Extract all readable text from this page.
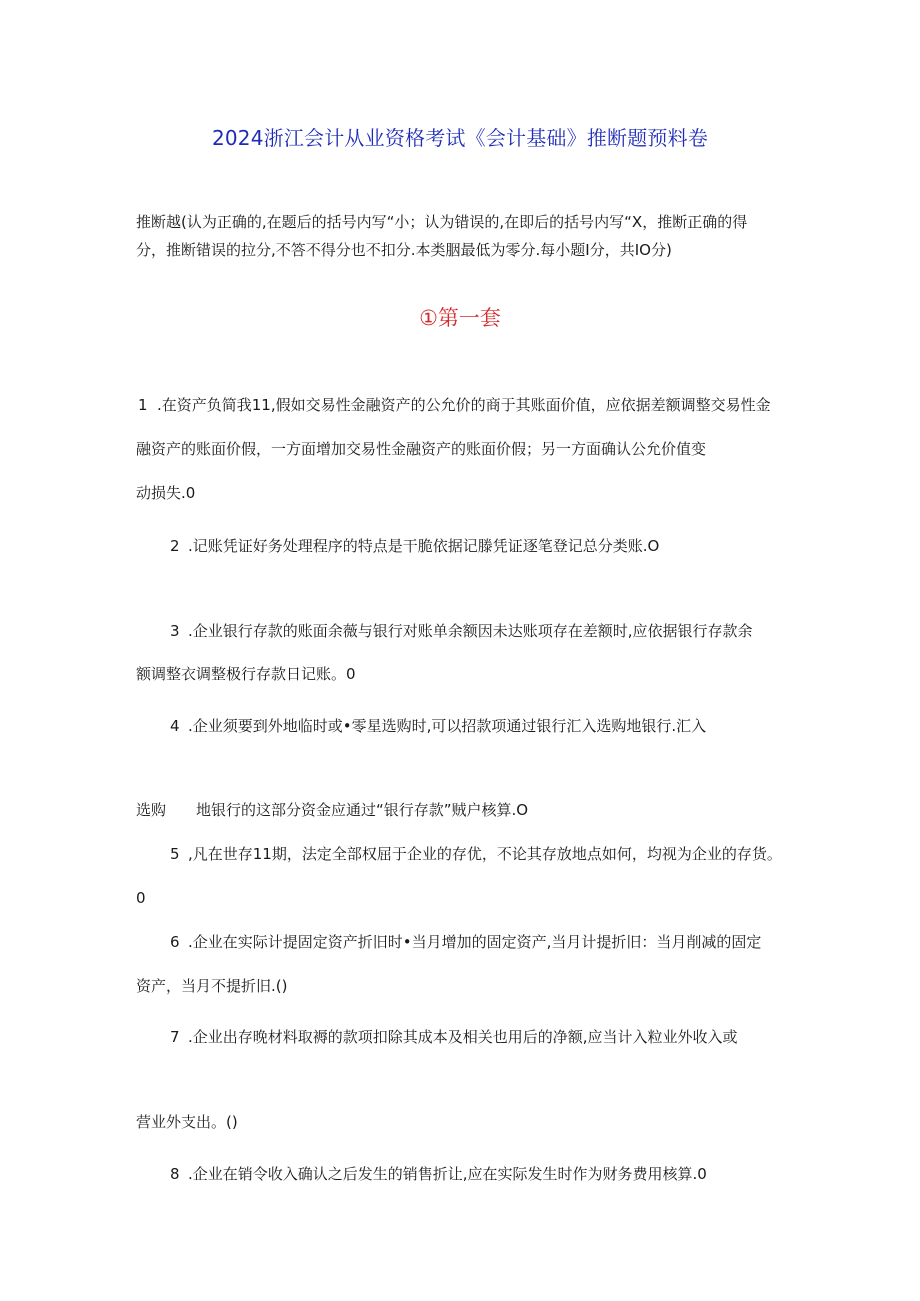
2024浙江会计从业资格考试《会计基础》推断题预料卷
推断越(认为正确的,在题后的括号内写“小；认为错误的,在即后的括号内写“X，推断正确的得
分，推断错误的拉分,不答不得分也不扣分.本类胭最低为零分.每小题I分，共IO分)
①第一套
1 .在资产负简我11,假如交易性金融资产的公允价的商于其账面价值，应依据差额调整交易性金
融资产的账面价假，一方面增加交易性金融资产的账面价假；另一方面确认公允价值变
动损失.0
2 .记账凭证好务处理程序的特点是干脆依据记滕凭证逐笔登记总分类账.O
3 .企业银行存款的账面余薇与银行对账单余额因未达账项存在差额时,应依据银行存款余
额调整衣调整极行存款日记账。0
4 .企业须要到外地临时或•零星选购时,可以招款项通过银行汇入选购地银行.汇入
选购 地银行的这部分资金应通过“银行存款”贼户核算.O
5 ,凡在世存11期，法定全部权屈于企业的存优，不论其存放地点如何，均视为企业的存货。
0
6 .企业在实际计提固定资产折旧时•当月增加的固定资产,当月计提折旧：当月削减的固定
资产，当月不提折旧.()
7 .企业出存晚材料取褥的款项扣除其成本及相关也用后的净额,应当计入粒业外收入或
营业外支出。()
8 .企业在销令收入确认之后发生的销售折让,应在实际发生时作为财务费用核算.0
